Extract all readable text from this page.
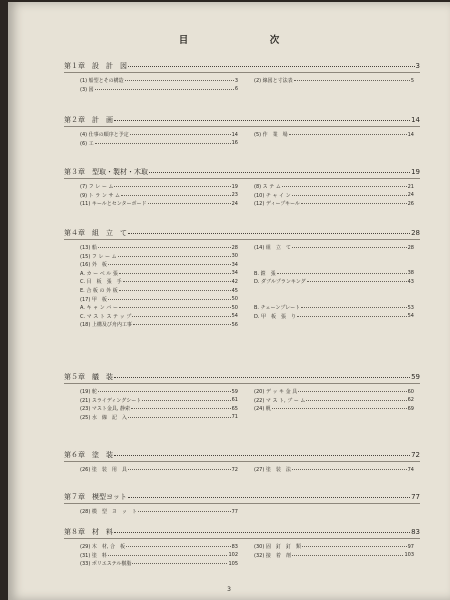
目　次
第１章　設　計　図	3
(1) 船型とその構造	3	(2) 線図と寸法表	5
(3) 図	6
第２章　計　画	14
(4) 仕事の順序と予定	14	(5) 作　業　場	14
(6) 工	16
第３章　型取・製材・木取	19
(7) フ レ ー ム	19	(8) ス テ ム	21
(9) ト ラ ン サ ム	23	(10) チ ャ イ ン	24
(11) キールとセンターボード	24	(12) ディープキール	26
第４章　組　立　て	28
(13) 船	28	(14) 組　立　て	28
(15) フ レ ー ム	30
(16) 外　板	34
A. カ ー ベ ル 張	34	B. 鎧　張	38
C. 目　板　張　手	42	D. ダブルプランキング	43
E. 合 板 の 外 板	45
(17) 甲　板	50
A. キ ャ ン バ ー	50	B. チェーンプレート	53
C. マ ス ト ス テ ッ プ	54	D. 甲　板　張　り	54
(18) 上構及び舟内工事	56
第５章　艤　装	59
(19) 舵	59	(20) デ ッ キ 金 具	60
(21) スライディングシート	61	(22) マ ス ト, ブ ー ム	62
(23) マスト金具, 静索	65	(24) 帆	69
(25) 水　線　記　入	71
第６章　塗　装	72
(26) 塗　装　用　具	72	(27) 塗　装　法	74
第７章　模型ヨット	77
(28) 模　型　ヨ　ッ　ト	77
第８章　材　料	83
(29) 木　材, 合　板	83	(30) 固　釘　釘　類	97
(31) 塗　料	102	(32) 接　着　剤	103
(33) ポリエステル樹脂	105
3
